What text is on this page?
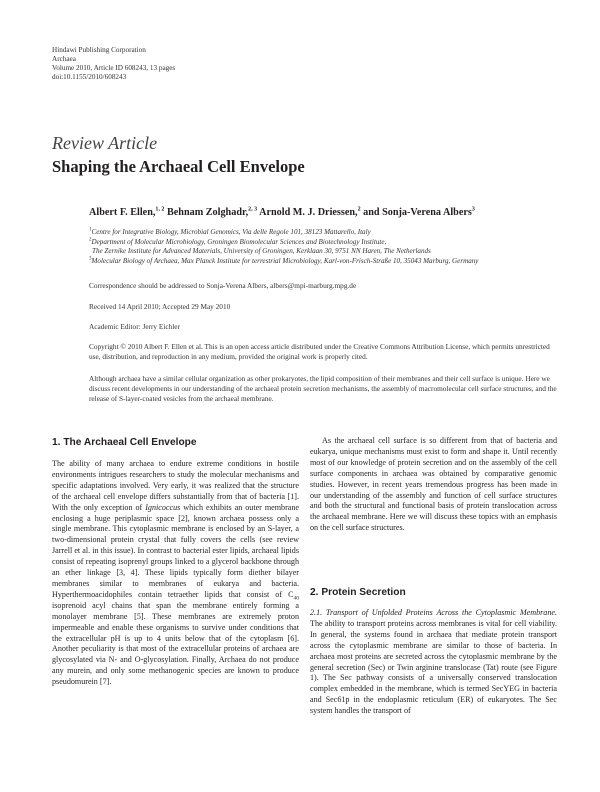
Hindawi Publishing Corporation
Archaea
Volume 2010, Article ID 608243, 13 pages
doi:10.1155/2010/608243
Review Article
Shaping the Archaeal Cell Envelope
Albert F. Ellen,$^{1, 2}$ Behnam Zolghadr,$^{2, 3}$ Arnold M. J. Driessen,$^2$ and Sonja-Verena Albers$^3$
$^1$Centre for Integrative Biology, Microbial Genomics, Via delle Regole 101, 38123 Mattarello, Italy
$^2$Department of Molecular Microbiology, Groningen Biomolecular Sciences and Biotechnology Institute,
The Zernike Institute for Advanced Materials, University of Groningen, Kerklaan 30, 9751 NN Haren, The Netherlands
$^3$Molecular Biology of Archaea, Max Planck Institute for terrestrial Microbiology, Karl-von-Frisch-Straße 10, 35043 Marburg, Germany
Correspondence should be addressed to Sonja-Verena Albers, albers@mpi-marburg.mpg.de
Received 14 April 2010; Accepted 29 May 2010
Academic Editor: Jerry Eichler
Copyright © 2010 Albert F. Ellen et al. This is an open access article distributed under the Creative Commons Attribution License, which permits unrestricted use, distribution, and reproduction in any medium, provided the original work is properly cited.
Although archaea have a similar cellular organization as other prokaryotes, the lipid composition of their membranes and their cell surface is unique. Here we discuss recent developments in our understanding of the archaeal protein secretion mechanisms, the assembly of macromolecular cell surface structures, and the release of S-layer-coated vesicles from the archaeal membrane.
1. The Archaeal Cell Envelope

The ability of many archaea to endure extreme conditions in hostile environments intrigues researchers to study the molecular mechanisms and specific adaptations involved. Very early, it was realized that the structure of the archaeal cell envelope differs substantially from that of bacteria [1]. With the only exception of Ignicoccus which exhibits an outer membrane enclosing a huge periplasmic space [2], known archaea possess only a single membrane. This cytoplasmic membrane is enclosed by an S-layer, a two-dimensional protein crystal that fully covers the cells (see review Jarrell et al. in this issue). In contrast to bacterial ester lipids, archaeal lipids consist of repeating isoprenyl groups linked to a glycerol backbone through an ether linkage [3, 4]. These lipids typically form diether bilayer membranes similar to membranes of eukarya and bacteria. Hyperthermoacidophiles contain tetraether lipids that consist of $C_{40}$ isoprenoid acyl chains that span the membrane entirely forming a monolayer membrane [5]. These membranes are extremely proton impermeable and enable these organisms to survive under conditions that the extracellular pH is up to 4 units below that of the cytoplasm [6]. Another peculiarity is that most of the extracellular proteins of archaea are glycosylated via N- and O-glycosylation. Finally, Archaea do not produce any murein, and only some methanogenic species are known to produce pseudomurein [7].

As the archaeal cell surface is so different from that of bacteria and eukarya, unique mechanisms must exist to form and shape it. Until recently most of our knowledge of protein secretion and on the assembly of the cell surface components in archaea was obtained by comparative genomic studies. However, in recent years tremendous progress has been made in our understanding of the assembly and function of cell surface structures and both the structural and functional basis of protein translocation across the archaeal membrane. Here we will discuss these topics with an emphasis on the cell surface structures.

2. Protein Secretion

2.1. Transport of Unfolded Proteins Across the Cytoplasmic Membrane. The ability to transport proteins across membranes is vital for cell viability. In general, the systems found in archaea that mediate protein transport across the cytoplasmic membrane are similar to those of bacteria. In archaea most proteins are secreted across the cytoplasmic membrane by the general secretion (Sec) or Twin arginine translocase (Tat) route (see Figure 1). The Sec pathway consists of a universally conserved translocation complex embedded in the membrane, which is termed SecYEG in bacteria and Sec61p in the endoplasmic reticulum (ER) of eukaryotes. The Sec system handles the transport of
